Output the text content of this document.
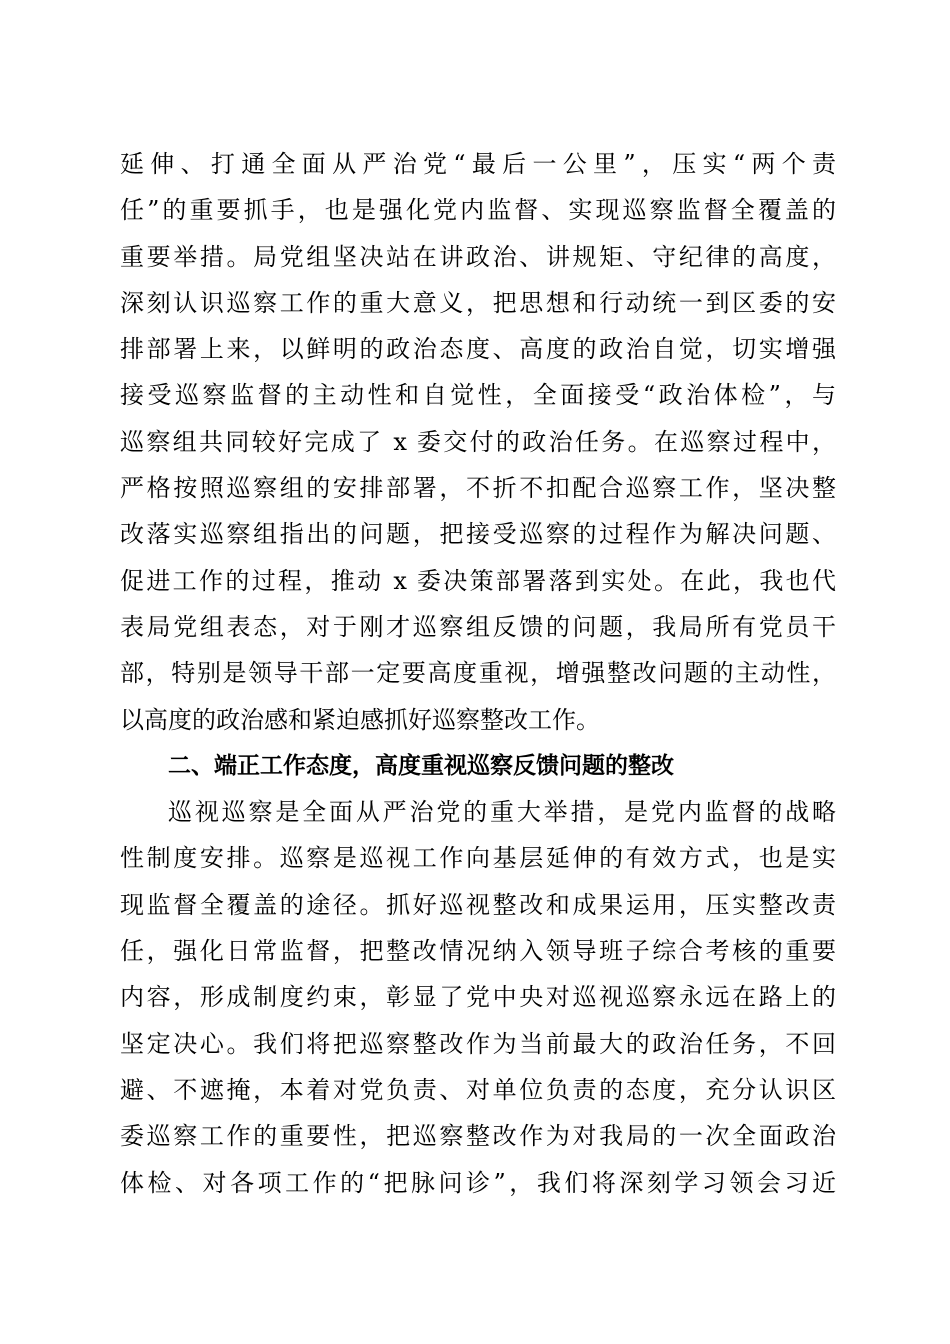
延伸、打通全面从严治党“最后一公里”，压实“两个责
任”的重要抓手，也是强化党内监督、实现巡察监督全覆盖的
重要举措。局党组坚决站在讲政治、讲规矩、守纪律的高度，
深刻认识巡察工作的重大意义，把思想和行动统一到区委的安
排部署上来，以鲜明的政治态度、高度的政治自觉，切实增强
接受巡察监督的主动性和自觉性，全面接受“政治体检”，与
巡察组共同较好完成了 x 委交付的政治任务。在巡察过程中，
严格按照巡察组的安排部署，不折不扣配合巡察工作，坚决整
改落实巡察组指出的问题，把接受巡察的过程作为解决问题、
促进工作的过程，推动 x 委决策部署落到实处。在此，我也代
表局党组表态，对于刚才巡察组反馈的问题，我局所有党员干
部，特别是领导干部一定要高度重视，增强整改问题的主动性，
以高度的政治感和紧迫感抓好巡察整改工作。
二、端正工作态度，高度重视巡察反馈问题的整改
巡视巡察是全面从严治党的重大举措，是党内监督的战略
性制度安排。巡察是巡视工作向基层延伸的有效方式，也是实
现监督全覆盖的途径。抓好巡视整改和成果运用，压实整改责
任，强化日常监督，把整改情况纳入领导班子综合考核的重要
内容，形成制度约束，彰显了党中央对巡视巡察永远在路上的
坚定决心。我们将把巡察整改作为当前最大的政治任务，不回
避、不遮掩，本着对党负责、对单位负责的态度，充分认识区
委巡察工作的重要性，把巡察整改作为对我局的一次全面政治
体检、对各项工作的“把脉问诊”，我们将深刻学习领会习近
